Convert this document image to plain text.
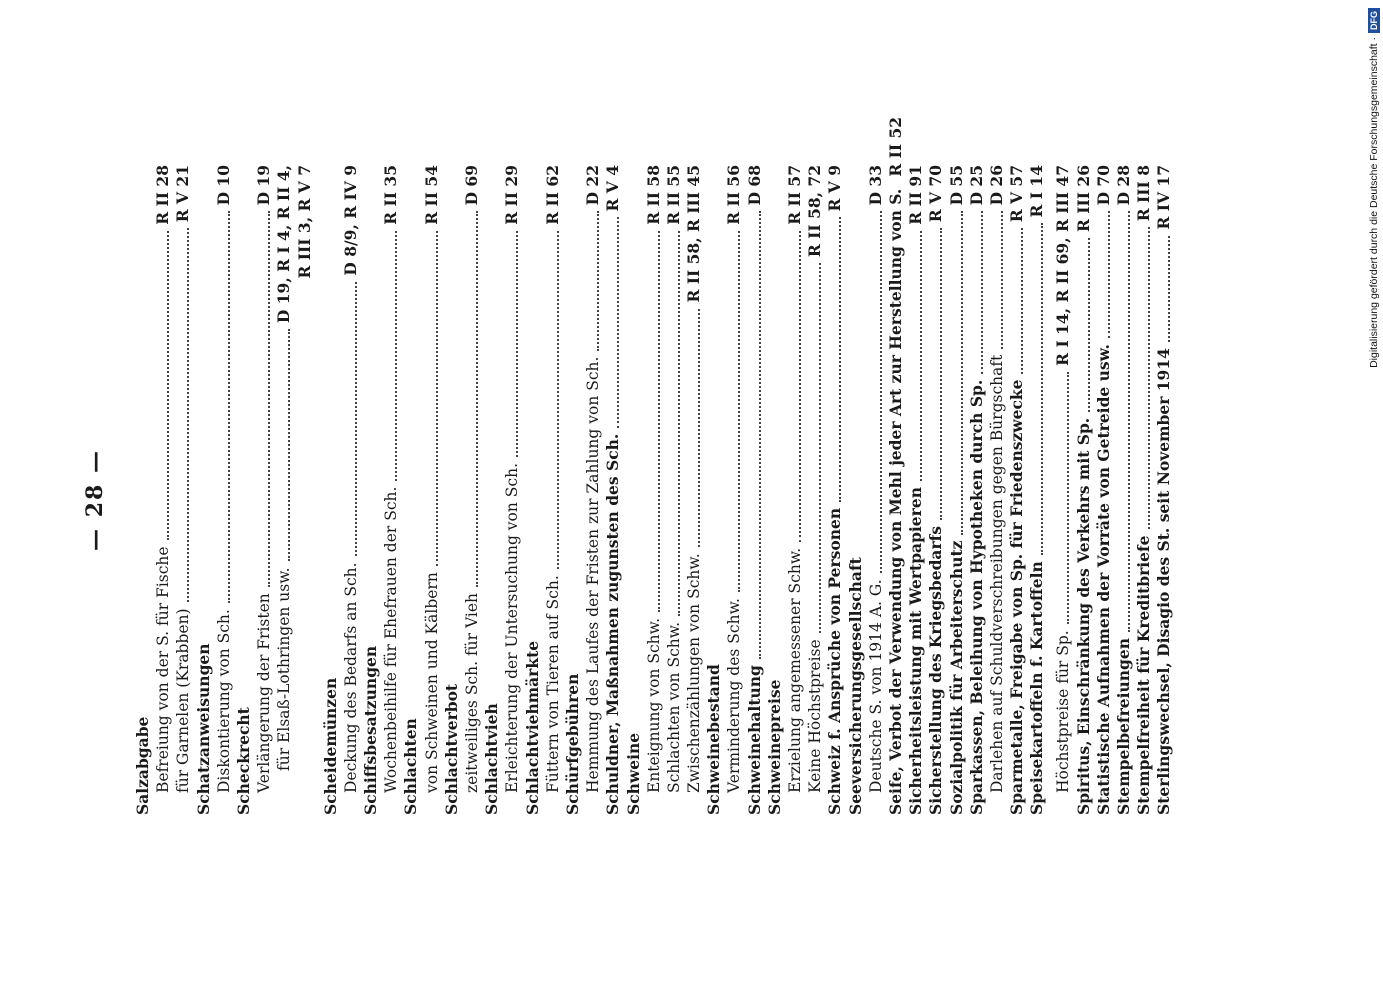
— 28 —
Salzabgabe Befreiung von der S. für Fische
R II 28
für Garnelen (Krabben)
R V 21
Schatzanweisungen Diskontierung von Sch.
D 10
Scheckrecht Verlängerung der Fristen
D 19
für Elsaß-Lothringen usw.
D 19, R I 4, R II 4,
R III 3, R V 7
Scheidemünzen Deckung des Bedarfs an Sch.
D 8/9, R IV 9
Schiffsbesatzungen Wochenbeihilfe für Ehefrauen der Sch.
R II 35
Schlachten von Schweinen und Kälbern
R II 54
Schlachtverbot zeitweiliges Sch. für Vieh
D 69
Schlachtvieh Erleichterung der Untersuchung von Sch.
R II 29
Schlachtviehmärkte Füttern von Tieren auf Sch.
R II 62
Schürfgebühren Hemmung des Laufes der Fristen zur Zahlung von Sch.
D 22
Schuldner, Maßnahmen zugunsten des Sch.
R V 4
Schweine Enteignung von Schw.
R II 58
Schlachten von Schw.
R II 55
Zwischenzählungen von Schw.
R II 58, R III 45
Schweinebestand Verminderung des Schw.
R II 56
Schweinehaltung
D 68
Schweinepreise Erzielung angemessener Schw.
R II 57
Keine Höchstpreise
R II 58, 72
Schweiz f. Ansprüche von Personen
R V 9
Seeversicherungsgesellschaft Deutsche S. von 1914 A. G.
D 33
Seife, Verbot der Verwendung von Mehl jeder Art zur Herstellung von S.
R II 52
Sicherheitsleistung mit Wertpapieren
R II 91
Sicherstellung des Kriegsbedarfs
R V 70
Sozialpolitik für Arbeiterschutz
D 55
Sparkassen, Beleihung von Hypotheken durch Sp.
D 25
Darlehen auf Schuldverschreibungen gegen Bürgschaft
D 26
Sparmetalle, Freigabe von Sp. für Friedenszwecke
R V 57
Speisekartoffeln f. Kartoffeln
R I 14
Höchstpreise für Sp.
R I 14, R II 69, R III 47
Spiritus, Einschränkung des Verkehrs mit Sp.
R III 26
Statistische Aufnahmen der Vorräte von Getreide usw.
D 70
Stempelbefreiungen
D 28
Stempelfreiheit für Kreditbriefe
R III 8
Sterlingswechsel, Disagio des St. seit November 1914
R IV 17	Digitalisierung gefördert durch die Deutsche Forschungsgemeinschaft ·
DFG
